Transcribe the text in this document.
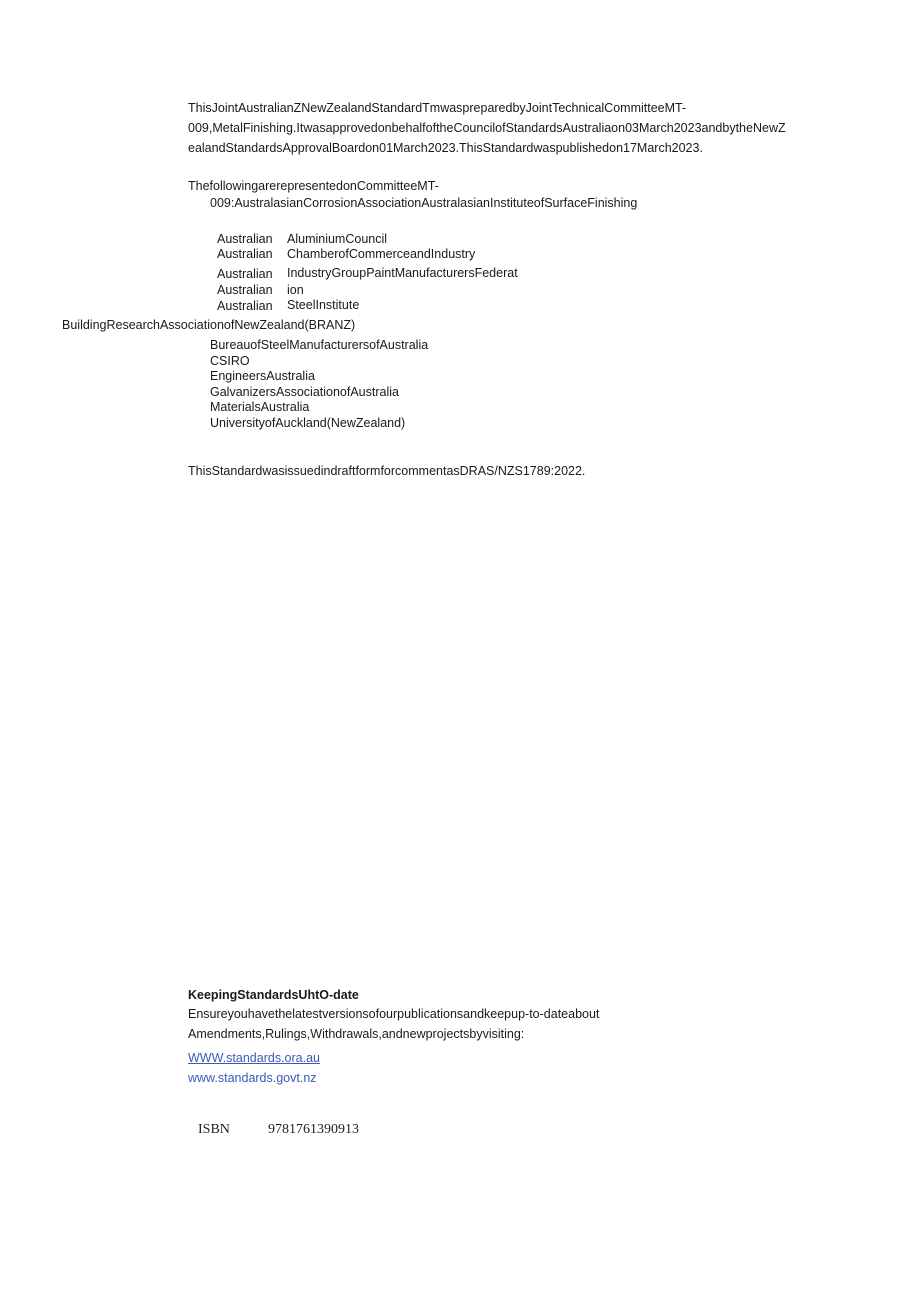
ThisJointAustralianZNewZealandStandardTmwaspreparedbyJointTechnicalCommitteeMT-
009,MetalFinishing.ItwasapprovedonbehalfoftheCouncilofStandardsAustraliaon03March2023andbytheNewZ
ealandStandardsApprovalBoardon01March2023.ThisStandardwaspublishedon17March2023.
ThefollowingarerepresentedonCommitteeMT-
009:AustralasianCorrosionAssociationAustralasianInstituteofSurfaceFinishing
Australian AluminiumCouncil
Australian ChamberofCommerceandIndustry
Australian IndustryGroupPaintManufacturersFederat
Australian ion
Australian SteelInstitute
BuildingResearchAssociationofNewZealand(BRANZ)
BureauofSteelManufacturersofAustralia
CSIRO
EngineersAustralia
GalvanizersAssociationofAustralia
MaterialsAustralia
UniversityofAuckland(NewZealand)
ThisStandardwasissuedindraftformforcommentasDRAS/NZS1789:2022.
KeepingStandardsUhtO-date
Ensureyouhavethelatestversionsofourpublicationsandkeepup-to-dateabout
Amendments,Rulings,Withdrawals,andnewprojectsbyvisiting:
WWW.standards.ora.au
www.standards.govt.nz
ISBN	9781761390913
